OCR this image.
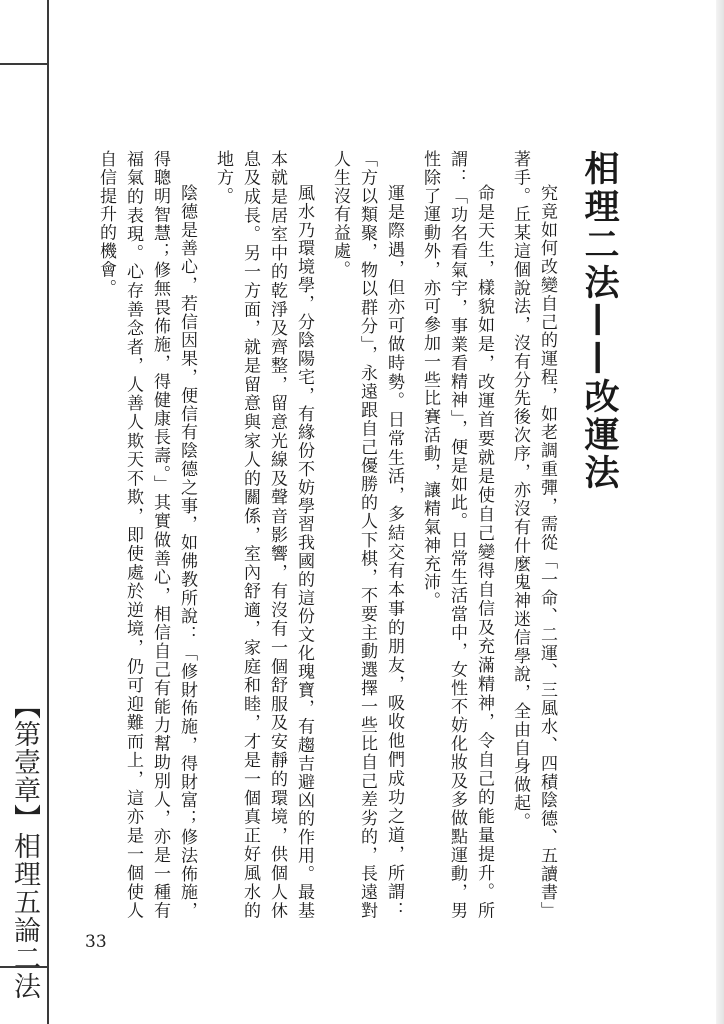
【第壹章】相理五論二法	33
相理二法——改運法

究竟如何改變自己的運程，如老調重彈，需從「一命、二運、三風水、四積陰德、五讀書」著手。丘某這個說法，沒有分先後次序，亦沒有什麼鬼神迷信學說，全由自身做起。

命是天生，樣貌如是，改運首要就是使自己變得自信及充滿精神，令自己的能量提升。所謂：「功名看氣宇，事業看精神」，便是如此。日常生活當中，女性不妨化妝及多做點運動，男性除了運動外，亦可參加一些比賽活動，讓精氣神充沛。

運是際遇，但亦可做時勢。日常生活，多結交有本事的朋友，吸收他們成功之道，所謂：「方以類聚，物以群分」，永遠跟自己優勝的人下棋，不要主動選擇一些比自己差劣的，長遠對人生沒有益處。

風水乃環境學，分陰陽宅，有緣份不妨學習我國的這份文化瑰寶，有趨吉避凶的作用。最基本就是居室中的乾淨及齊整，留意光線及聲音影響，有沒有一個舒服及安靜的環境，供個人休息及成長。另一方面，就是留意與家人的關係，室內舒適，家庭和睦，才是一個真正好風水的地方。

陰德是善心，若信因果，便信有陰德之事，如佛教所說：「修財佈施，得財富；修法佈施，得聰明智慧；修無畏佈施，得健康長壽。」其實做善心，相信自己有能力幫助別人，亦是一種有福氣的表現。心存善念者，人善人欺天不欺，即使處於逆境，仍可迎難而上，這亦是一個使人自信提升的機會。
